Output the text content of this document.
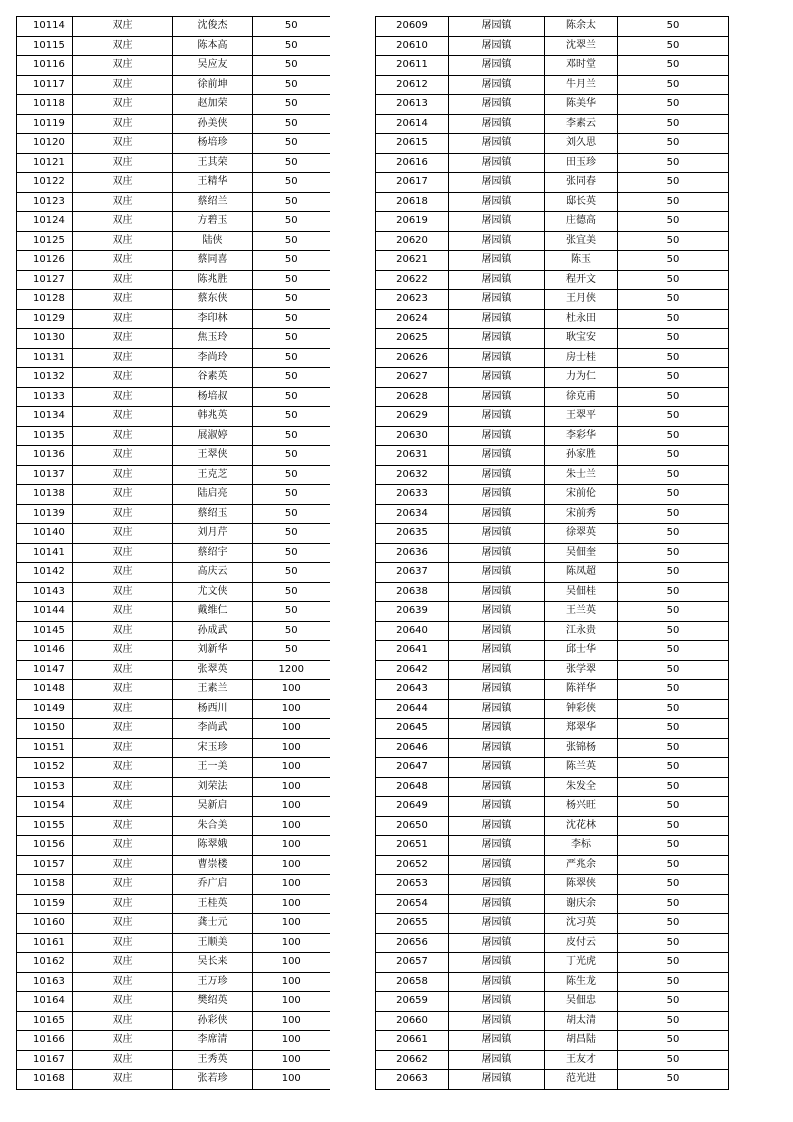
10114	双庄	沈俊杰	50
10115	双庄	陈本高	50
10116	双庄	吴应友	50
10117	双庄	徐前坤	50
10118	双庄	赵加荣	50
10119	双庄	孙美侠	50
10120	双庄	杨培珍	50
10121	双庄	王其荣	50
10122	双庄	王精华	50
10123	双庄	蔡绍兰	50
10124	双庄	方碧玉	50
10125	双庄	陆侠	50
10126	双庄	蔡同喜	50
10127	双庄	陈兆胜	50
10128	双庄	蔡东侠	50
10129	双庄	李印林	50
10130	双庄	焦玉玲	50
10131	双庄	李尚玲	50
10132	双庄	谷素英	50
10133	双庄	杨培叔	50
10134	双庄	韩兆英	50
10135	双庄	展淑婷	50
10136	双庄	王翠侠	50
10137	双庄	王克芝	50
10138	双庄	陆启亮	50
10139	双庄	蔡绍玉	50
10140	双庄	刘月芹	50
10141	双庄	蔡绍宇	50
10142	双庄	高庆云	50
10143	双庄	尤文侠	50
10144	双庄	戴维仁	50
10145	双庄	孙成武	50
10146	双庄	刘新华	50
10147	双庄	张翠英	1200
10148	双庄	王素兰	100
10149	双庄	杨西川	100
10150	双庄	李尚武	100
10151	双庄	宋玉珍	100
10152	双庄	王一美	100
10153	双庄	刘荣法	100
10154	双庄	吴新启	100
10155	双庄	朱合美	100
10156	双庄	陈翠娥	100
10157	双庄	曹崇楼	100
10158	双庄	乔广启	100
10159	双庄	王桂英	100
10160	双庄	龚士元	100
10161	双庄	王顺美	100
10162	双庄	吴长来	100
10163	双庄	王万珍	100
10164	双庄	樊绍英	100
10165	双庄	孙彩侠	100
10166	双庄	李席清	100
10167	双庄	王秀英	100
10168	双庄	张若珍	100
20609	屠园镇	陈余太	50
20610	屠园镇	沈翠兰	50
20611	屠园镇	邓时堂	50
20612	屠园镇	牛月兰	50
20613	屠园镇	陈美华	50
20614	屠园镇	李素云	50
20615	屠园镇	刘久思	50
20616	屠园镇	田玉珍	50
20617	屠园镇	张同春	50
20618	屠园镇	邸长英	50
20619	屠园镇	庄德高	50
20620	屠园镇	张宜美	50
20621	屠园镇	陈玉	50
20622	屠园镇	程开文	50
20623	屠园镇	王月侠	50
20624	屠园镇	杜永田	50
20625	屠园镇	耿宝安	50
20626	屠园镇	房士桂	50
20627	屠园镇	力为仁	50
20628	屠园镇	徐克甫	50
20629	屠园镇	王翠平	50
20630	屠园镇	李彩华	50
20631	屠园镇	孙家胜	50
20632	屠园镇	朱士兰	50
20633	屠园镇	宋前伦	50
20634	屠园镇	宋前秀	50
20635	屠园镇	徐翠英	50
20636	屠园镇	吴佃奎	50
20637	屠园镇	陈凤超	50
20638	屠园镇	吴佃桂	50
20639	屠园镇	王兰英	50
20640	屠园镇	江永贵	50
20641	屠园镇	邱士华	50
20642	屠园镇	张学翠	50
20643	屠园镇	陈祥华	50
20644	屠园镇	钟彩侠	50
20645	屠园镇	郑翠华	50
20646	屠园镇	张锦杨	50
20647	屠园镇	陈兰英	50
20648	屠园镇	朱发全	50
20649	屠园镇	杨兴旺	50
20650	屠园镇	沈花林	50
20651	屠园镇	李标	50
20652	屠园镇	严兆余	50
20653	屠园镇	陈翠侠	50
20654	屠园镇	谢庆余	50
20655	屠园镇	沈习英	50
20656	屠园镇	皮付云	50
20657	屠园镇	丁光虎	50
20658	屠园镇	陈生龙	50
20659	屠园镇	吴佃忠	50
20660	屠园镇	胡太清	50
20661	屠园镇	胡昌陆	50
20662	屠园镇	王友才	50
20663	屠园镇	范光进	50
